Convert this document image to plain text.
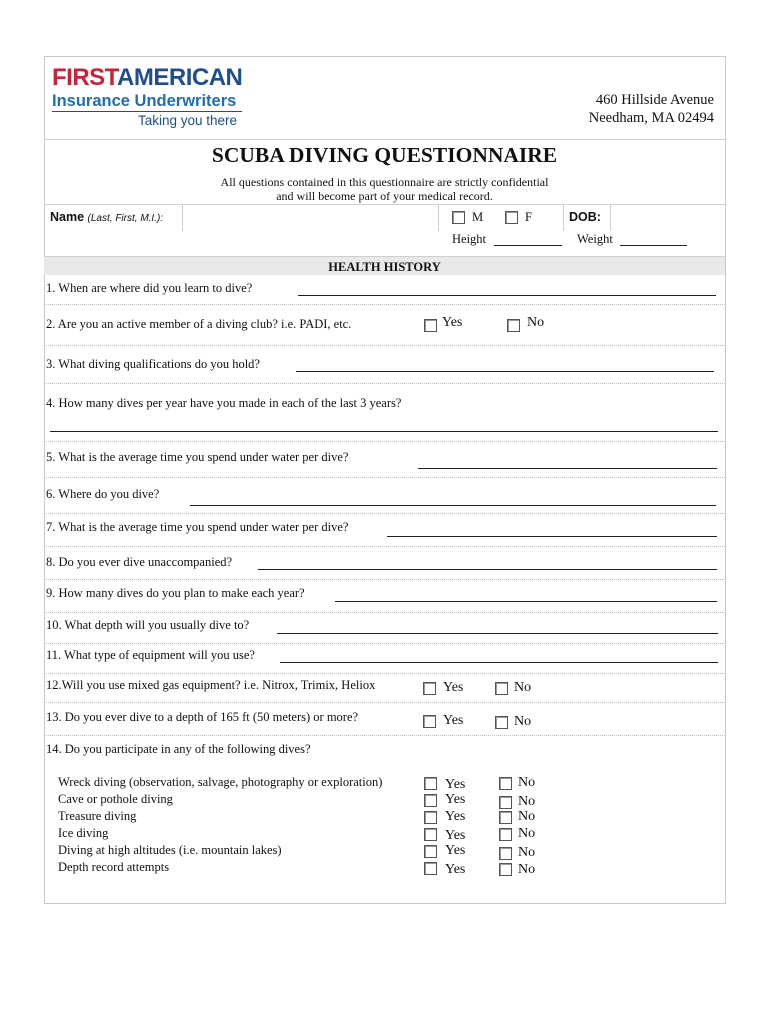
FIRSTAMERICAN
Insurance Underwriters
Taking you there
460 Hillside Avenue
Needham, MA 02494
SCUBA DIVING QUESTIONNAIRE
All questions contained in this questionnaire are strictly confidential
and will become part of your medical record.
Name (Last, First, M.I.):	M	F	DOB:
Height	Weight
HEALTH HISTORY
1. When are where did you learn to dive?
2. Are you an active member of a diving club? i.e. PADI, etc.	Yes	No
3. What diving qualifications do you hold?
4. How many dives per year have you made in each of the last 3 years?
5. What is the average time you spend under water per dive?
6. Where do you dive?
7. What is the average time you spend under water per dive?
8. Do you ever dive unaccompanied?
9. How many dives do you plan to make each year?
10. What depth will you usually dive to?
11. What type of equipment will you use?
12.Will you use mixed gas equipment? i.e. Nitrox, Trimix, Heliox	Yes	No
13. Do you ever dive to a depth of 165 ft (50 meters) or more?	Yes	No
14. Do you participate in any of the following dives?
Wreck diving (observation, salvage, photography or exploration)	Yes	No
Cave or pothole diving	Yes	No
Treasure diving	Yes	No
Ice diving	Yes	No
Diving at high altitudes (i.e. mountain lakes)	Yes	No
Depth record attempts	Yes	No
